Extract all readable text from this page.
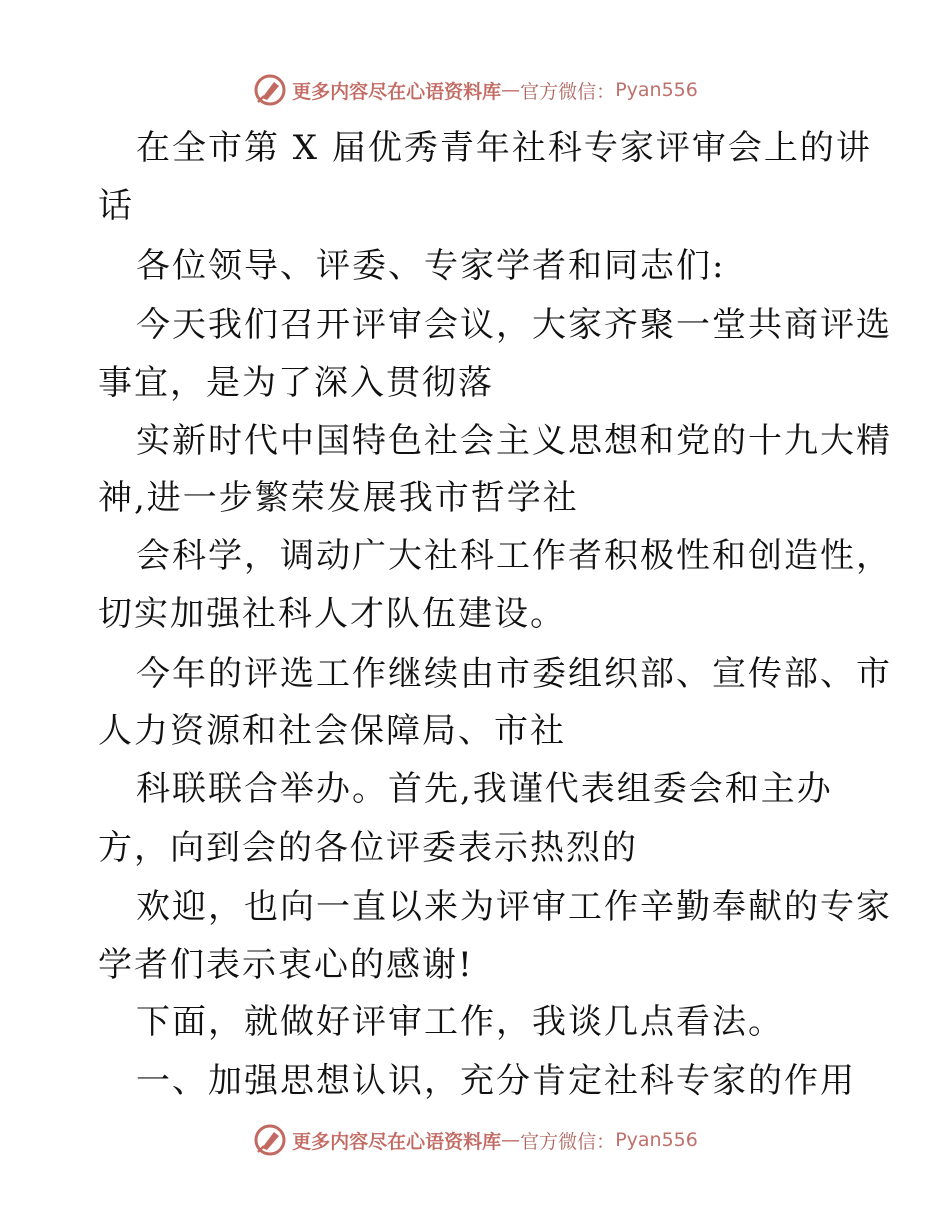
更多内容尽在心语资料库 — 官方微信： Pyan556
在全市第 X 届优秀青年社科专家评审会上的讲
话
各位领导、评委、专家学者和同志们:
今天我们召开评审会议，大家齐聚一堂共商评选
事宜，是为了深入贯彻落
实新时代中国特色社会主义思想和党的十九大精
神,进一步繁荣发展我市哲学社
会科学，调动广大社科工作者积极性和创造性，
切实加强社科人才队伍建设。
今年的评选工作继续由市委组织部、宣传部、市
人力资源和社会保障局、市社
科联联合举办。首先,我谨代表组委会和主办
方，向到会的各位评委表示热烈的
欢迎，也向一直以来为评审工作辛勤奉献的专家
学者们表示衷心的感谢!
下面，就做好评审工作，我谈几点看法。
一、加强思想认识，充分肯定社科专家的作用
更多内容尽在心语资料库 — 官方微信： Pyan556
